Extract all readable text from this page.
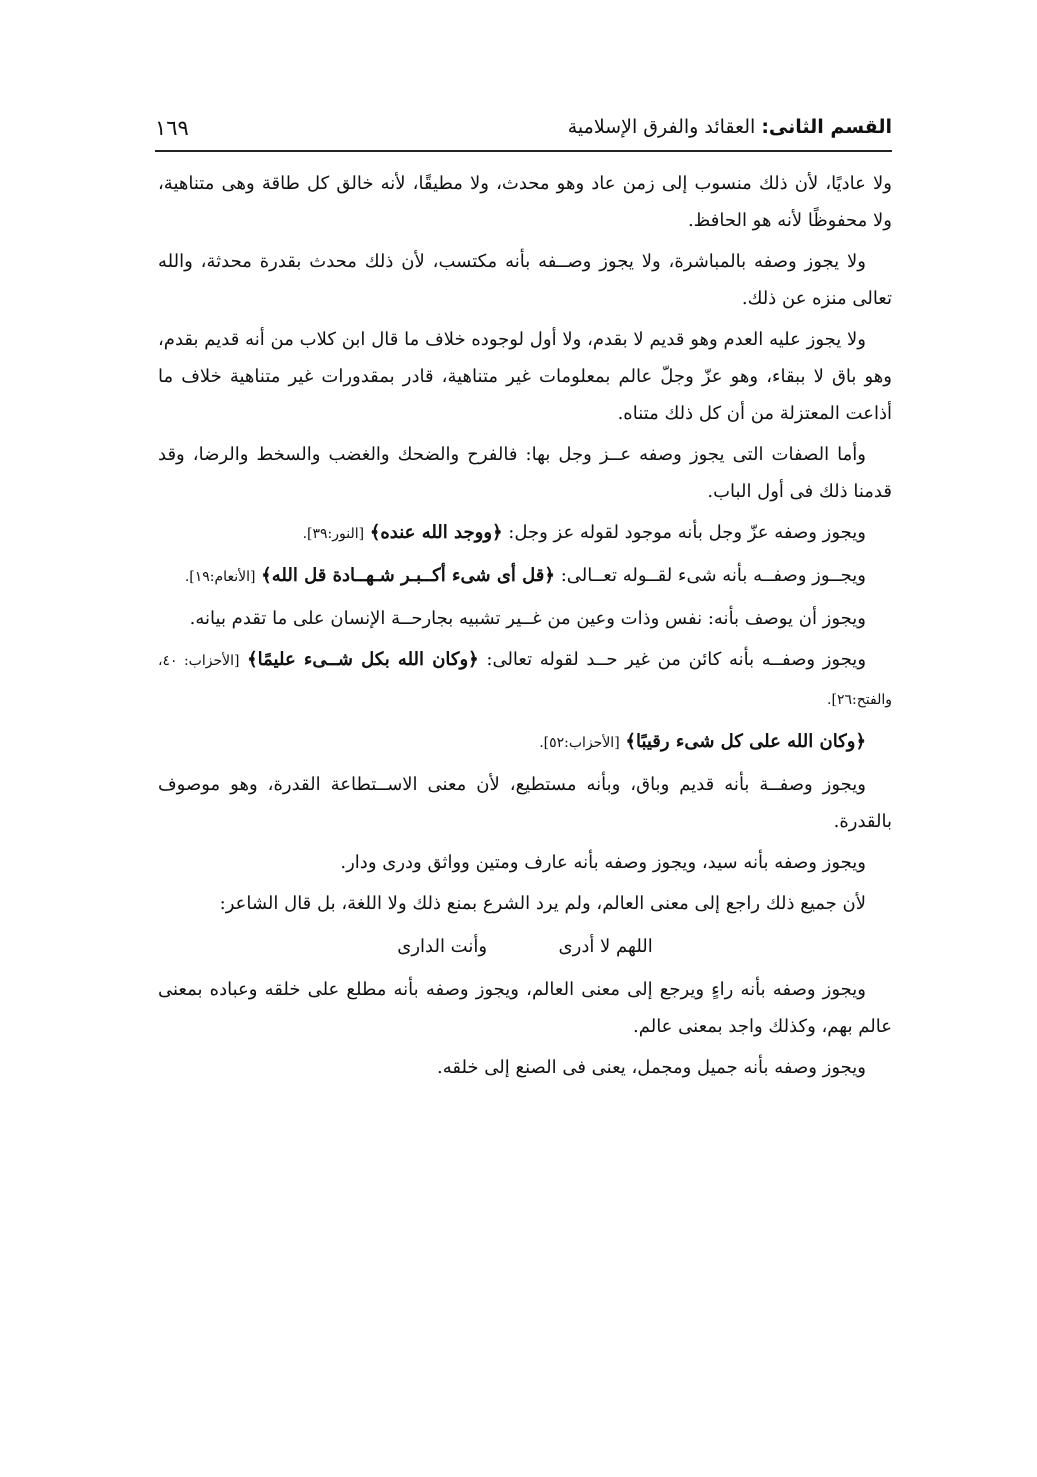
القسم الثانى: العقائد والفرق الإسلامية
١٦٩

ولا عاديًا، لأن ذلك منسوب إلى زمن عاد وهو محدث، ولا مطيقًا، لأنه خالق كل طاقة وهى متناهية، ولا محفوظًا لأنه هو الحافظ.

ولا يجوز وصفه بالمباشرة، ولا يجوز وصــفه بأنه مكتسب، لأن ذلك محدث بقدرة محدثة، والله تعالى منزه عن ذلك.

ولا يجوز عليه العدم وهو قديم لا بقدم، ولا أول لوجوده خلاف ما قال ابن كلاب من أنه قديم بقدم، وهو باق لا ببقاء، وهو عزّ وجلّ عالم بمعلومات غير متناهية، قادر بمقدورات غير متناهية خلاف ما أذاعت المعتزلة من أن كل ذلك متناه.

وأما الصفات التى يجوز وصفه عــز وجل بها: فالفرح والضحك والغضب والسخط والرضا، وقد قدمنا ذلك فى أول الباب.

ويجوز وصفه عزّ وجل بأنه موجود لقوله عز وجل: ﴿ووجد الله عنده﴾ [النور:٣٩].

ويجــوز وصفــه بأنه شىء لقــوله تعــالى: ﴿قل أى شىء أكــبـر شـهــادة قل الله﴾ [الأنعام:١٩].

ويجوز أن يوصف بأنه: نفس وذات وعين من غــير تشبيه بجارحــة الإنسان على ما تقدم بيانه.

ويجوز وصفــه بأنه كائن من غير حــد لقوله تعالى: ﴿وكان الله بكل شــىء عليمًا﴾ [الأحزاب: ٤٠، والفتح:٢٦].

﴿وكان الله على كل شىء رقيبًا﴾ [الأحزاب:٥٢].

ويجوز وصفــة بأنه قديم وباق، وبأنه مستطيع، لأن معنى الاســتطاعة القدرة، وهو موصوف بالقدرة.

ويجوز وصفه بأنه سيد، ويجوز وصفه بأنه عارف ومتين وواثق ودرى ودار.

لأن جميع ذلك راجع إلى معنى العالم، ولم يرد الشرع بمنع ذلك ولا اللغة، بل قال الشاعر:

اللهم لا أدرى  وأنت الدارى

ويجوز وصفه بأنه راءٍ ويرجع إلى معنى العالم، ويجوز وصفه بأنه مطلع على خلقه وعباده بمعنى عالم بهم، وكذلك واجد بمعنى عالم.

ويجوز وصفه بأنه جميل ومجمل، يعنى فى الصنع إلى خلقه.
